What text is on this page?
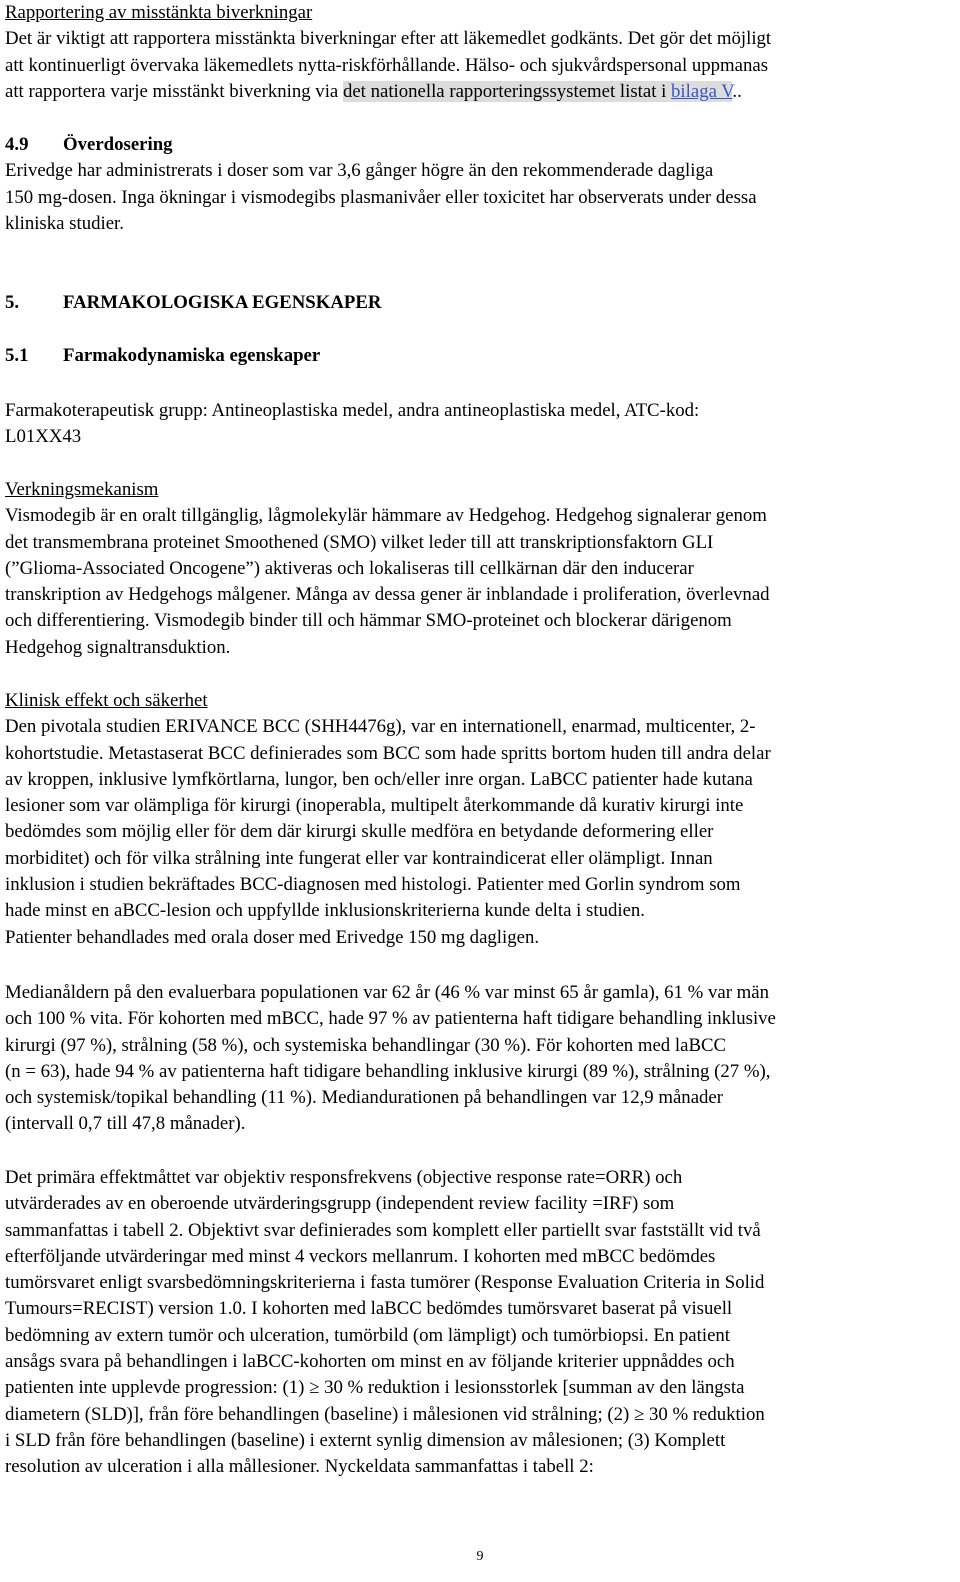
Rapportering av misstänkta biverkningar
Det är viktigt att rapportera misstänkta biverkningar efter att läkemedlet godkänts. Det gör det möjligt
att kontinuerligt övervaka läkemedlets nytta-riskförhållande. Hälso- och sjukvårdspersonal uppmanas
att rapportera varje misstänkt biverkning via det nationella rapporteringssystemet listat i bilaga V..
4.9 Överdosering
Erivedge har administrerats i doser som var 3,6 gånger högre än den rekommenderade dagliga
150 mg-dosen. Inga ökningar i vismodegibs plasmanivåer eller toxicitet har observerats under dessa
kliniska studier.
5. FARMAKOLOGISKA EGENSKAPER
5.1 Farmakodynamiska egenskaper
Farmakoterapeutisk grupp: Antineoplastiska medel, andra antineoplastiska medel, ATC-kod:
L01XX43
Verkningsmekanism
Vismodegib är en oralt tillgänglig, lågmolekylär hämmare av Hedgehog. Hedgehog signalerar genom
det transmembrana proteinet Smoothened (SMO) vilket leder till att transkriptionsfaktorn GLI
(”Glioma-Associated Oncogene”) aktiveras och lokaliseras till cellkärnan där den inducerar
transkription av Hedgehogs målgener. Många av dessa gener är inblandade i proliferation, överlevnad
och differentiering. Vismodegib binder till och hämmar SMO-proteinet och blockerar därigenom
Hedgehog signaltransduktion.
Klinisk effekt och säkerhet
Den pivotala studien ERIVANCE BCC (SHH4476g), var en internationell, enarmad, multicenter, 2-
kohortstudie. Metastaserat BCC definierades som BCC som hade spritts bortom huden till andra delar
av kroppen, inklusive lymfkörtlarna, lungor, ben och/eller inre organ. LaBCC patienter hade kutana
lesioner som var olämpliga för kirurgi (inoperabla, multipelt återkommande då kurativ kirurgi inte
bedömdes som möjlig eller för dem där kirurgi skulle medföra en betydande deformering eller
morbiditet) och för vilka strålning inte fungerat eller var kontraindicerat eller olämpligt. Innan
inklusion i studien bekräftades BCC-diagnosen med histologi. Patienter med Gorlin syndrom som
hade minst en aBCC-lesion och uppfyllde inklusionskriterierna kunde delta i studien.
Patienter behandlades med orala doser med Erivedge 150 mg dagligen.
Medianåldern på den evaluerbara populationen var 62 år (46 % var minst 65 år gamla), 61 % var män
och 100 % vita. För kohorten med mBCC, hade 97 % av patienterna haft tidigare behandling inklusive
kirurgi (97 %), strålning (58 %), och systemiska behandlingar (30 %). För kohorten med laBCC
(n = 63), hade 94 % av patienterna haft tidigare behandling inklusive kirurgi (89 %), strålning (27 %),
och systemisk/topikal behandling (11 %). Mediandurationen på behandlingen var 12,9 månader
(intervall 0,7 till 47,8 månader).
Det primära effektmåttet var objektiv responsfrekvens (objective response rate=ORR) och
utvärderades av en oberoende utvärderingsgrupp (independent review facility =IRF) som
sammanfattas i tabell 2. Objektivt svar definierades som komplett eller partiellt svar fastställt vid två
efterföljande utvärderingar med minst 4 veckors mellanrum. I kohorten med mBCC bedömdes
tumörsvaret enligt svarsbedömningskriterierna i fasta tumörer (Response Evaluation Criteria in Solid
Tumours=RECIST) version 1.0. I kohorten med laBCC bedömdes tumörsvaret baserat på visuell
bedömning av extern tumör och ulceration, tumörbild (om lämpligt) och tumörbiopsi. En patient
ansågs svara på behandlingen i laBCC-kohorten om minst en av följande kriterier uppnåddes och
patienten inte upplevde progression: (1) ≥ 30 % reduktion i lesionsstorlek [summan av den längsta
diametern (SLD)], från före behandlingen (baseline) i målesionen vid strålning; (2) ≥ 30 % reduktion
i SLD från före behandlingen (baseline) i externt synlig dimension av målesionen; (3) Komplett
resolution av ulceration i alla mållesioner. Nyckeldata sammanfattas i tabell 2:
9
